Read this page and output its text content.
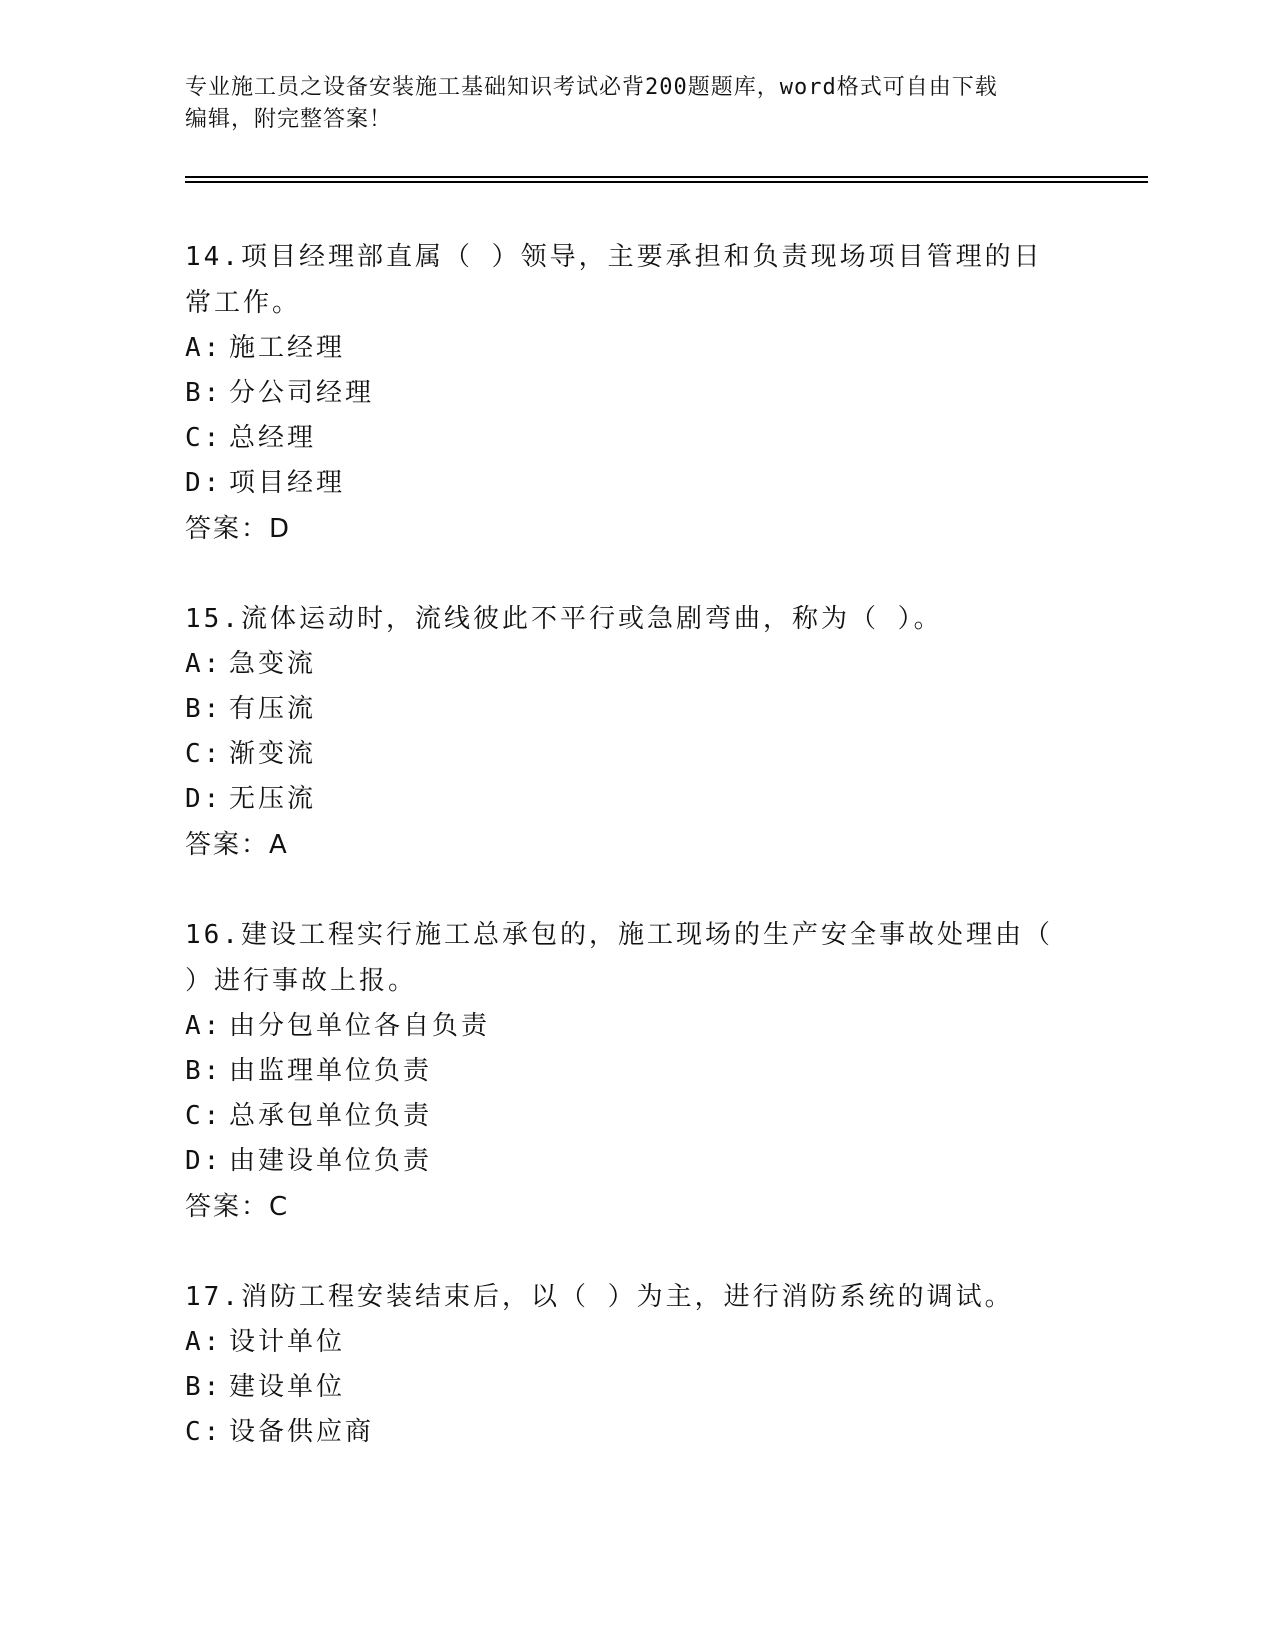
专业施工员之设备安装施工基础知识考试必背200题题库，word格式可自由下载
编辑，附完整答案！
14.项目经理部直属（ ）领导，主要承担和负责现场项目管理的日常工作。
A: 施工经理
B: 分公司经理
C: 总经理
D: 项目经理
答案：D
15.流体运动时，流线彼此不平行或急剧弯曲，称为（ ）。
A: 急变流
B: 有压流
C: 渐变流
D: 无压流
答案：A
16.建设工程实行施工总承包的，施工现场的生产安全事故处理由（ ）进行事故上报。
A: 由分包单位各自负责
B: 由监理单位负责
C: 总承包单位负责
D: 由建设单位负责
答案：C
17.消防工程安装结束后，以（ ）为主，进行消防系统的调试。
A: 设计单位
B: 建设单位
C: 设备供应商
